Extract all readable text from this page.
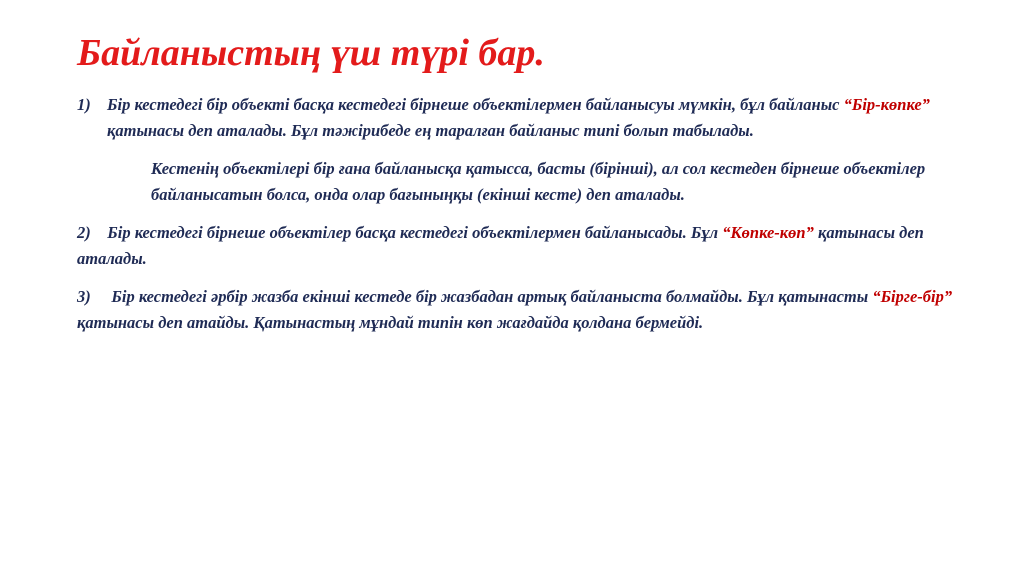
Байланыстың үш түрі бар.

1) Бір кестедегі бір объекті басқа кестедегі бірнеше объектілермен байланысуы мүмкін, бұл байланыс “Бір-көпке” қатынасы деп аталады. Бұл тәжірибеде ең таралған байланыс типі болып табылады.

Кестенің объектілері бір ғана байланысқа қатысса, басты (бірінші), ал сол кестеден бірнеше объектілер байланысатын болса, онда олар бағыныңқы (екінші кесте) деп аталады.

2) Бір кестедегі бірнеше объектілер басқа кестедегі объектілермен байланысады. Бұл “Көпке-көп” қатынасы деп аталады.

3) Бір кестедегі әрбір жазба екінші кестеде бір жазбадан артық байланыста болмайды. Бұл қатынасты “Бірге-бір” қатынасы деп атайды. Қатынастың мұндай типін көп жағдайда қолдана бермейді.
